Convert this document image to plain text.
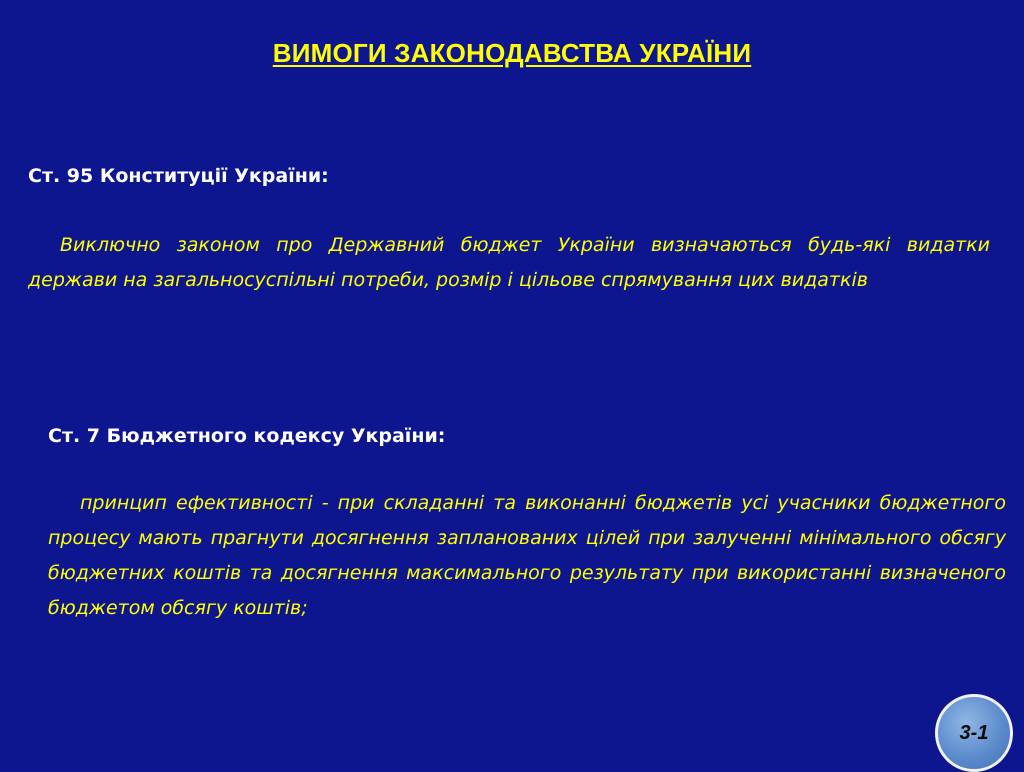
ВИМОГИ ЗАКОНОДАВСТВА УКРАЇНИ
Ст. 95 Конституції України:

Виключно законом про Державний бюджет України визначаються будь-які видатки держави на загальносуспільні потреби, розмір і цільове спрямування цих видатків

Ст. 7 Бюджетного кодексу України:

принцип ефективності - при складанні та виконанні бюджетів усі учасники бюджетного процесу мають прагнути досягнення запланованих цілей при залученні мінімального обсягу бюджетних коштів та досягнення максимального результату при використанні визначеного бюджетом обсягу коштів;

3-1
